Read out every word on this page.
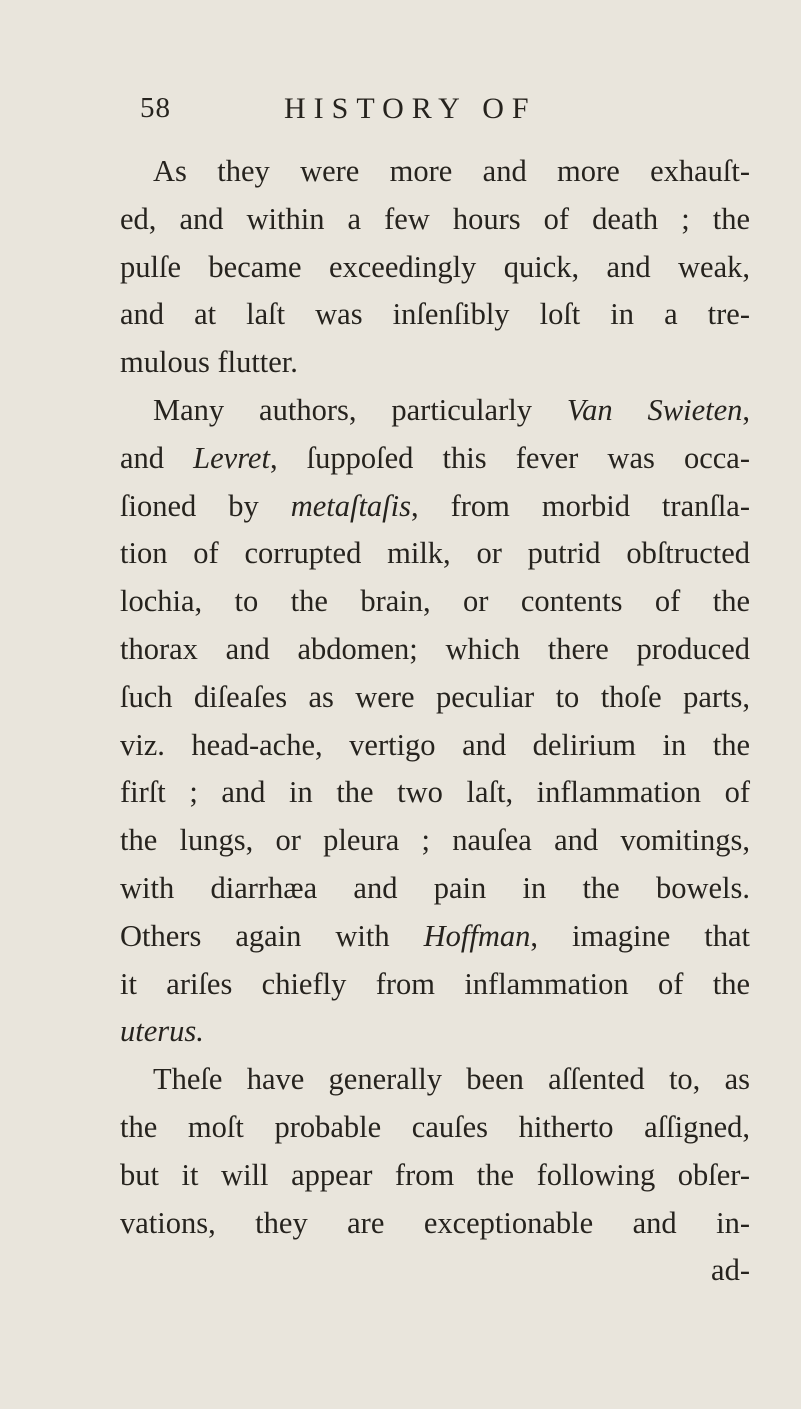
58	HISTORY OF
As they were more and more exhauſt-
ed, and within a few hours of death ; the
pulſe became exceedingly quick, and weak,
and at laſt was inſenſibly loſt in a tre-
mulous flutter.
Many authors, particularly Van Swieten,
and Levret, ſuppoſed this fever was occa-
ſioned by metaſtaſis, from morbid tranſla-
tion of corrupted milk, or putrid obſtructed
lochia, to the brain, or contents of the
thorax and abdomen; which there produced
ſuch diſeaſes as were peculiar to thoſe parts,
viz. head-ache, vertigo and delirium in the
firſt ; and in the two laſt, inflammation of
the lungs, or pleura ; nauſea and vomitings,
with diarrhæa and pain in the bowels.
Others again with Hoffman, imagine that
it ariſes chiefly from inflammation of the
uterus.
Theſe have generally been aſſented to, as
the moſt probable cauſes hitherto aſſigned,
but it will appear from the following obſer-
vations, they are exceptionable and in-
ad-
